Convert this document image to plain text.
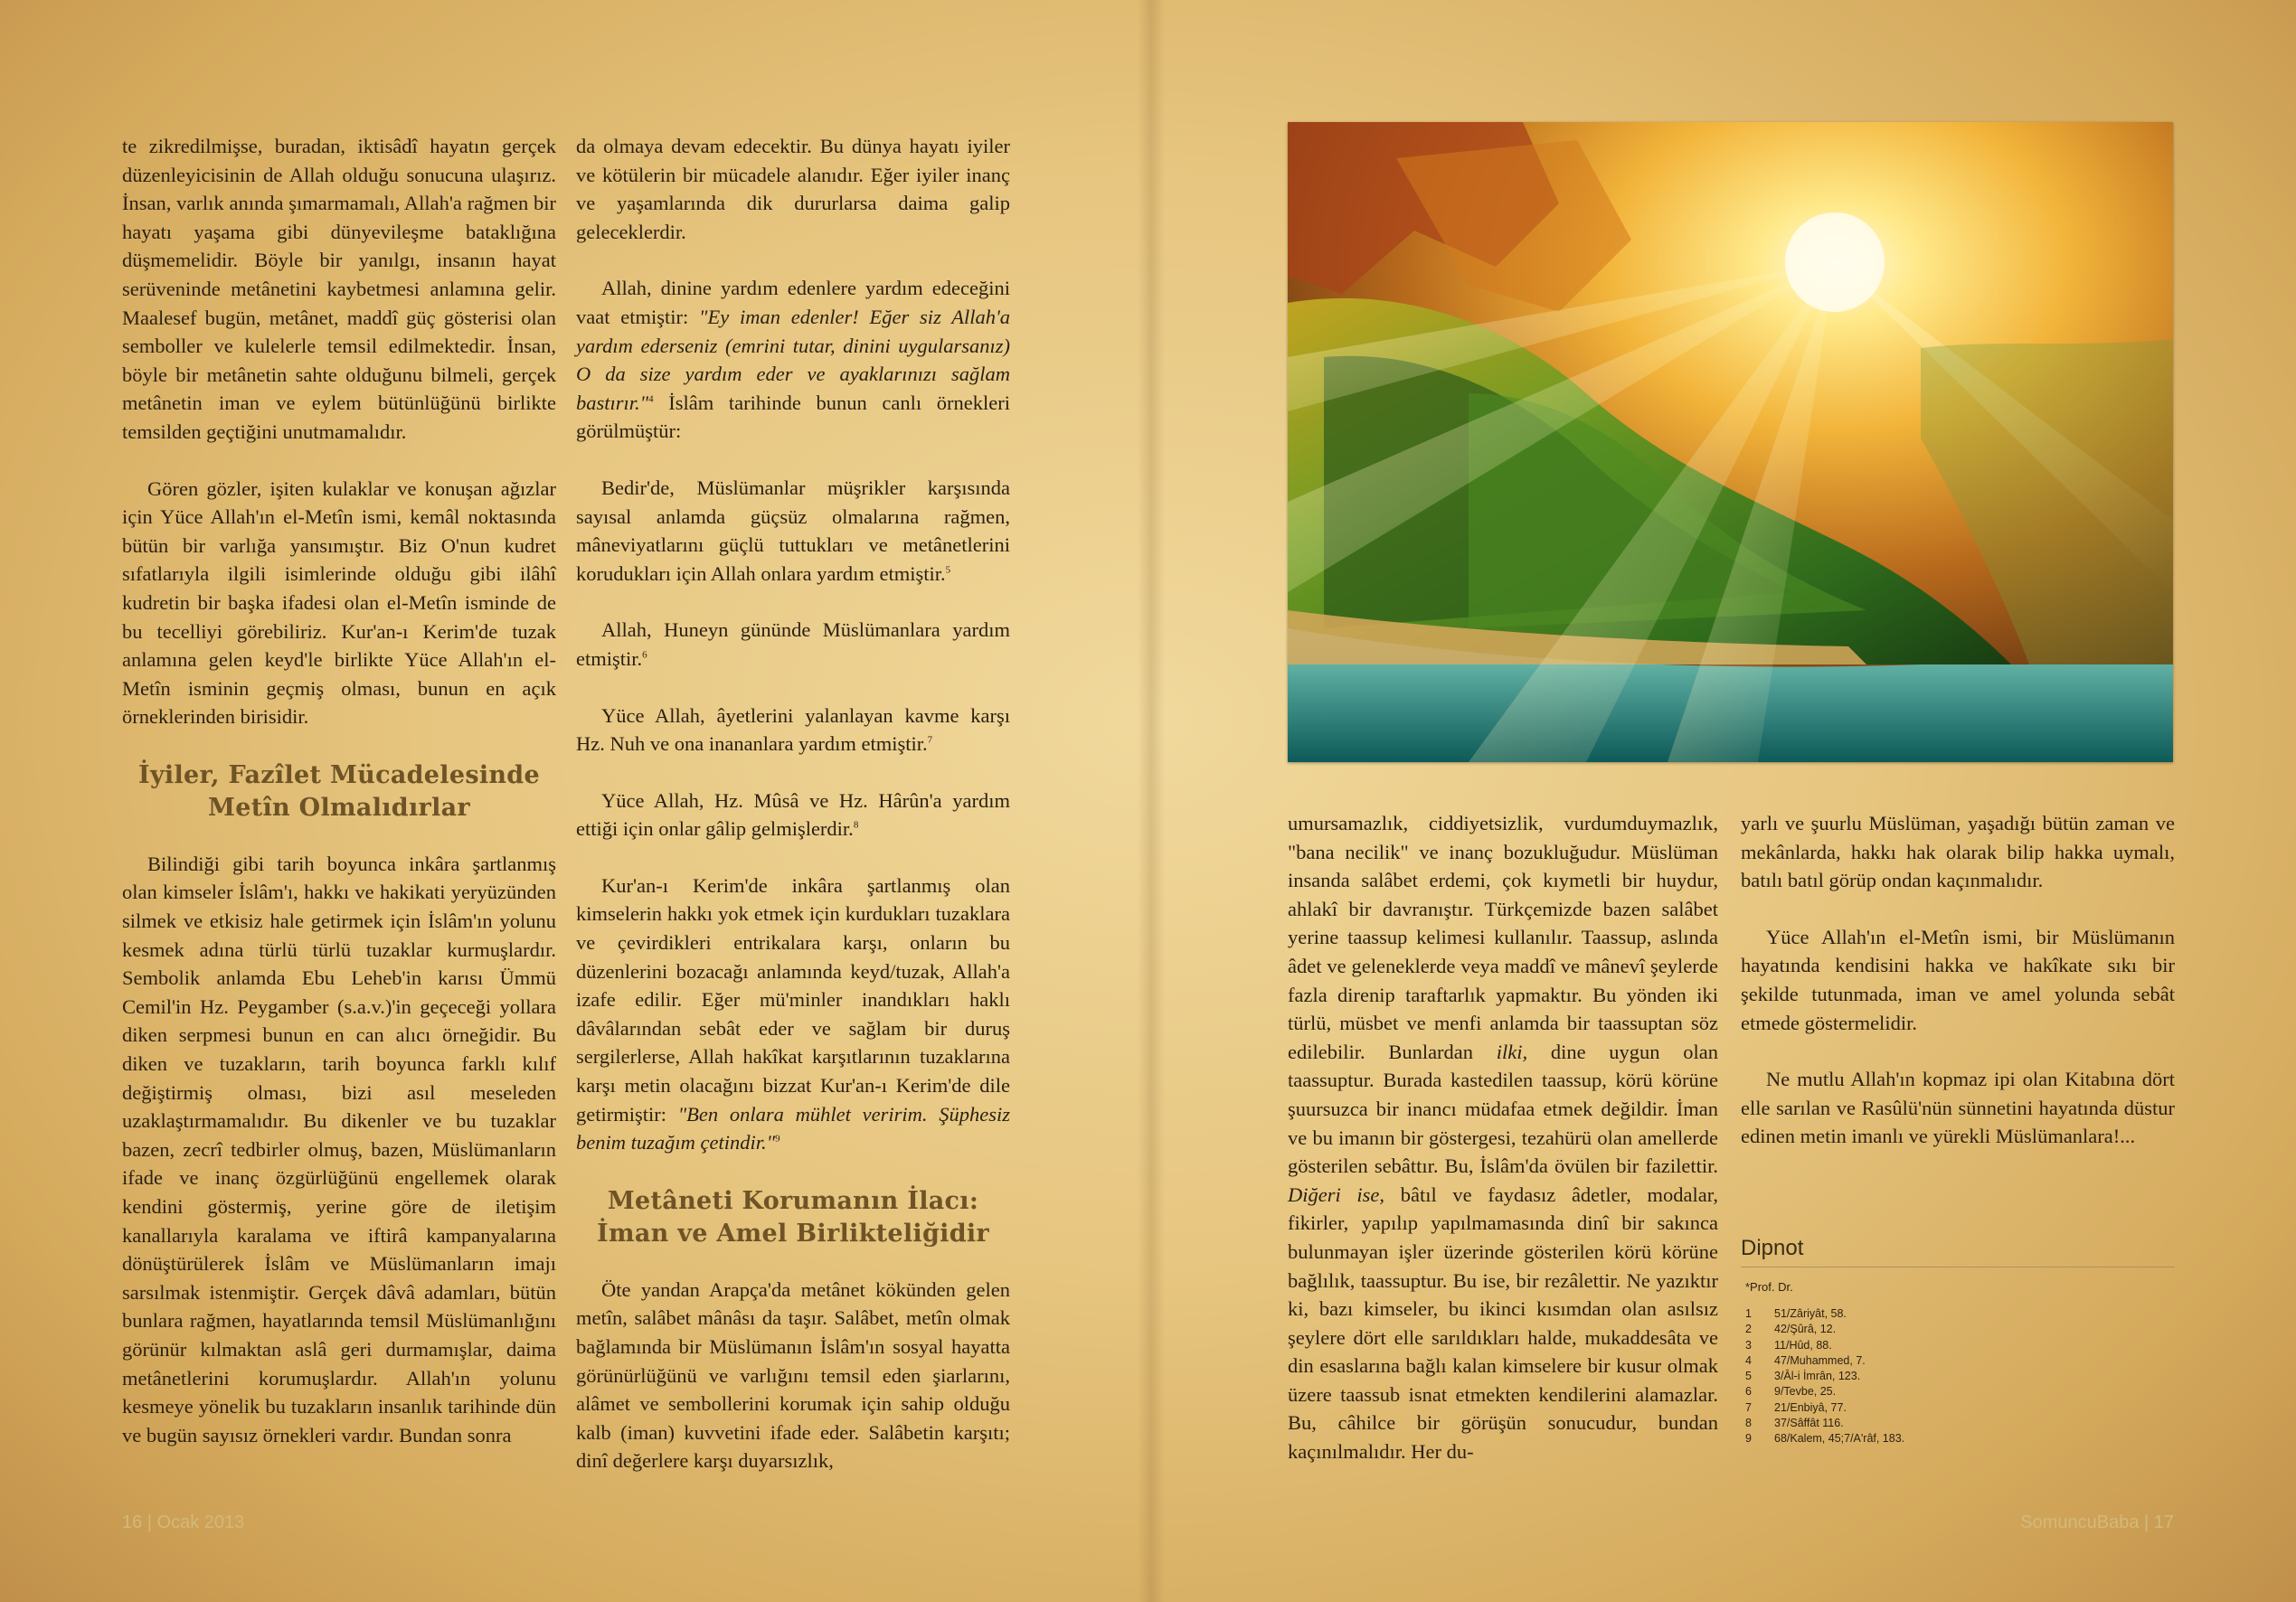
te zikredilmişse, buradan, iktisâdî hayatın gerçek düzenleyicisinin de Allah olduğu sonucuna ulaşırız. İnsan, varlık anında şımarmamalı, Allah'a rağmen bir hayatı yaşama gibi dünyevileşme bataklığına düşmemelidir. Böyle bir yanılgı, insanın hayat serüveninde metânetini kaybetmesi anlamına gelir. Maalesef bugün, metânet, maddî güç gösterisi olan semboller ve kulelerle temsil edilmektedir. İnsan, böyle bir metânetin sahte olduğunu bilmeli, gerçek metânetin iman ve eylem bütünlüğünü birlikte temsilden geçtiğini unutmamalıdır.

Gören gözler, işiten kulaklar ve konuşan ağızlar için Yüce Allah'ın el-Metîn ismi, kemâl noktasında bütün bir varlığa yansımıştır. Biz O'nun kudret sıfatlarıyla ilgili isimlerinde olduğu gibi ilâhî kudretin bir başka ifadesi olan el-Metîn isminde de bu tecelliyi görebiliriz. Kur'an-ı Kerim'de tuzak anlamına gelen keyd'le birlikte Yüce Allah'ın el-Metîn isminin geçmiş olması, bunun en açık örneklerinden birisidir.

İyiler, Fazîlet Mücadelesinde Metîn Olmalıdırlar

Bilindiği gibi tarih boyunca inkâra şartlanmış olan kimseler İslâm'ı, hakkı ve hakikati yeryüzünden silmek ve etkisiz hale getirmek için İslâm'ın yolunu kesmek adına türlü türlü tuzaklar kurmuşlardır. Sembolik anlamda Ebu Leheb'in karısı Ümmü Cemil'in Hz. Peygamber (s.a.v.)'in geçeceği yollara diken serpmesi bunun en can alıcı örneğidir. Bu diken ve tuzakların, tarih boyunca farklı kılıf değiştirmiş olması, bizi asıl meseleden uzaklaştırmamalıdır. Bu dikenler ve bu tuzaklar bazen, zecrî tedbirler olmuş, bazen, Müslümanların ifade ve inanç özgürlüğünü engellemek olarak kendini göstermiş, yerine göre de iletişim kanallarıyla karalama ve iftirâ kampanyalarına dönüştürülerek İslâm ve Müslümanların imajı sarsılmak istenmiştir. Gerçek dâvâ adamları, bütün bunlara rağmen, hayatlarında temsil Müslümanlığını görünür kılmaktan aslâ geri durmamışlar, daima metânetlerini korumuşlardır. Allah'ın yolunu kesmeye yönelik bu tuzakların insanlık tarihinde dün ve bugün sayısız örnekleri vardır. Bundan sonra

da olmaya devam edecektir. Bu dünya hayatı iyiler ve kötülerin bir mücadele alanıdır. Eğer iyiler inanç ve yaşamlarında dik dururlarsa daima galip geleceklerdir.

Allah, dinine yardım edenlere yardım edeceğini vaat etmiştir: "Ey iman edenler! Eğer siz Allah'a yardım ederseniz (emrini tutar, dinini uygularsanız) O da size yardım eder ve ayaklarınızı sağlam bastırır."$^4$ İslâm tarihinde bunun canlı örnekleri görülmüştür:

Bedir'de, Müslümanlar müşrikler karşısında sayısal anlamda güçsüz olmalarına rağmen, mâneviyatlarını güçlü tuttukları ve metânetlerini korudukları için Allah onlara yardım etmiştir.$^5$

Allah, Huneyn gününde Müslümanlara yardım etmiştir.$^6$

Yüce Allah, âyetlerini yalanlayan kavme karşı Hz. Nuh ve ona inananlara yardım etmiştir.$^7$

Yüce Allah, Hz. Mûsâ ve Hz. Hârûn'a yardım ettiği için onlar gâlip gelmişlerdir.$^8$

Kur'an-ı Kerim'de inkâra şartlanmış olan kimselerin hakkı yok etmek için kurdukları tuzaklara ve çevirdikleri entrikalara karşı, onların bu düzenlerini bozacağı anlamında keyd/tuzak, Allah'a izafe edilir. Eğer mü'minler inandıkları haklı dâvâlarından sebât eder ve sağlam bir duruş sergilerlerse, Allah hakîkat karşıtlarının tuzaklarına karşı metin olacağını bizzat Kur'an-ı Kerim'de dile getirmiştir: "Ben onlara mühlet veririm. Şüphesiz benim tuzağım çetindir."$^9$

Metâneti Korumanın İlacı: İman ve Amel Birlikteliğidir

Öte yandan Arapça'da metânet kökünden gelen metîn, salâbet mânâsı da taşır. Salâbet, metîn olmak bağlamında bir Müslümanın İslâm'ın sosyal hayatta görünürlüğünü ve varlığını temsil eden şiarlarını, alâmet ve sembollerini korumak için sahip olduğu kalb (iman) kuvvetini ifade eder. Salâbetin karşıtı; dinî değerlere karşı duyarsızlık,

umursamazlık, ciddiyetsizlik, vurdumduymazlık, "bana necilik" ve inanç bozukluğudur. Müslüman insanda salâbet erdemi, çok kıymetli bir huydur, ahlakî bir davranıştır. Türkçemizde bazen salâbet yerine taassup kelimesi kullanılır. Taassup, aslında âdet ve geleneklerde veya maddî ve mânevî şeylerde fazla direnip taraftarlık yapmaktır. Bu yönden iki türlü, müsbet ve menfi anlamda bir taassuptan söz edilebilir. Bunlardan ilki, dine uygun olan taassuptur. Burada kastedilen taassup, körü körüne şuursuzca bir inancı müdafaa etmek değildir. İman ve bu imanın bir göstergesi, tezahürü olan amellerde gösterilen sebâttır. Bu, İslâm'da övülen bir fazilettir. Diğeri ise, bâtıl ve faydasız âdetler, modalar, fikirler, yapılıp yapılmamasında dinî bir sakınca bulunmayan işler üzerinde gösterilen körü körüne bağlılık, taassuptur. Bu ise, bir rezâlettir. Ne yazıktır ki, bazı kimseler, bu ikinci kısımdan olan asılsız şeylere dört elle sarıldıkları halde, mukaddesâta ve din esaslarına bağlı kalan kimselere bir kusur olmak üzere taassub isnat etmekten kendilerini alamazlar. Bu, câhilce bir görüşün sonucudur, bundan kaçınılmalıdır. Her du-

yarlı ve şuurlu Müslüman, yaşadığı bütün zaman ve mekânlarda, hakkı hak olarak bilip hakka uymalı, batılı batıl görüp ondan kaçınmalıdır.

Yüce Allah'ın el-Metîn ismi, bir Müslümanın hayatında kendisini hakka ve hakîkate sıkı bir şekilde tutunmada, iman ve amel yolunda sebât etmede göstermelidir.

Ne mutlu Allah'ın kopmaz ipi olan Kitabına dört elle sarılan ve Rasûlü'nün sünnetini hayatında düstur edinen metin imanlı ve yürekli Müslümanlara!...

Dipnot
*Prof. Dr.
1	51/Zâriyât, 58.
2	42/Şûrâ, 12.
3	11/Hûd, 88.
4	47/Muhammed, 7.
5	3/Âl-i İmrân, 123.
6	9/Tevbe, 25.
7	21/Enbiyâ, 77.
8	37/Sâffât 116.
9	68/Kalem, 45;7/A'râf, 183.
16 | Ocak 2013	SomuncuBaba | 17
